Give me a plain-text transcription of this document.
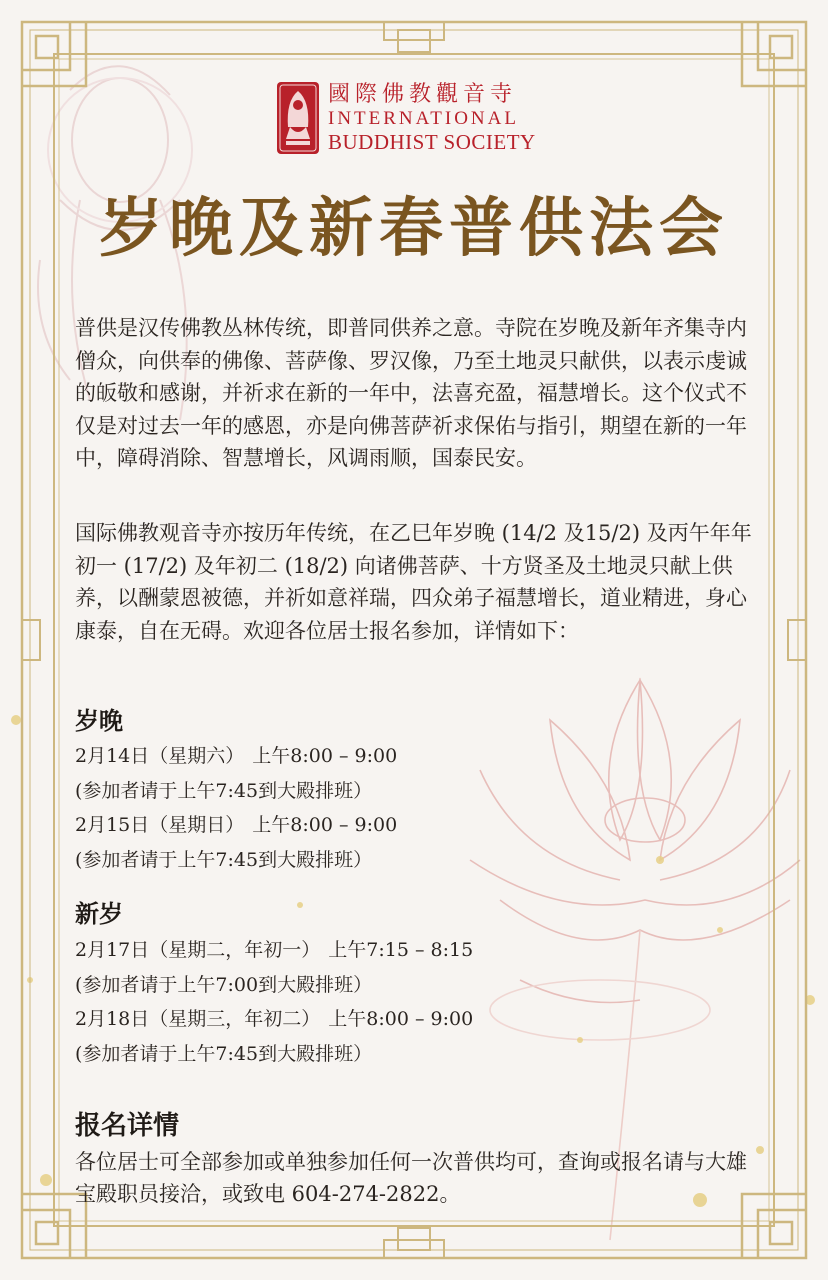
國際佛教觀音寺
INTERNATIONAL
BUDDHIST SOCIETY
岁晚及新春普供法会

普供是汉传佛教丛林传统，即普同供养之意。寺院在岁晚及新年齐集寺内僧众，向供奉的佛像、菩萨像、罗汉像，乃至土地灵只献供，以表示虔诚的皈敬和感谢，并祈求在新的一年中，法喜充盈，福慧增长。这个仪式不仅是对过去一年的感恩，亦是向佛菩萨祈求保佑与指引，期望在新的一年中，障碍消除、智慧增长，风调雨顺，国泰民安。

国际佛教观音寺亦按历年传统，在乙巳年岁晚 (14/2 及15/2) 及丙午年年初一 (17/2) 及年初二 (18/2) 向诸佛菩萨、十方贤圣及土地灵只献上供养，以酬蒙恩被德，并祈如意祥瑞，四众弟子福慧增长，道业精进，身心康泰，自在无碍。欢迎各位居士报名参加，详情如下：

岁晚

2月14日（星期六） 上午8:00 – 9:00

(参加者请于上午7:45到大殿排班）

2月15日（星期日） 上午8:00 – 9:00

(参加者请于上午7:45到大殿排班）

新岁

2月17日（星期二，年初一） 上午7:15 – 8:15

(参加者请于上午7:00到大殿排班）

2月18日（星期三，年初二） 上午8:00 – 9:00

(参加者请于上午7:45到大殿排班）

报名详情

各位居士可全部参加或单独参加任何一次普供均可，查询或报名请与大雄宝殿职员接洽，或致电 604-274-2822。
